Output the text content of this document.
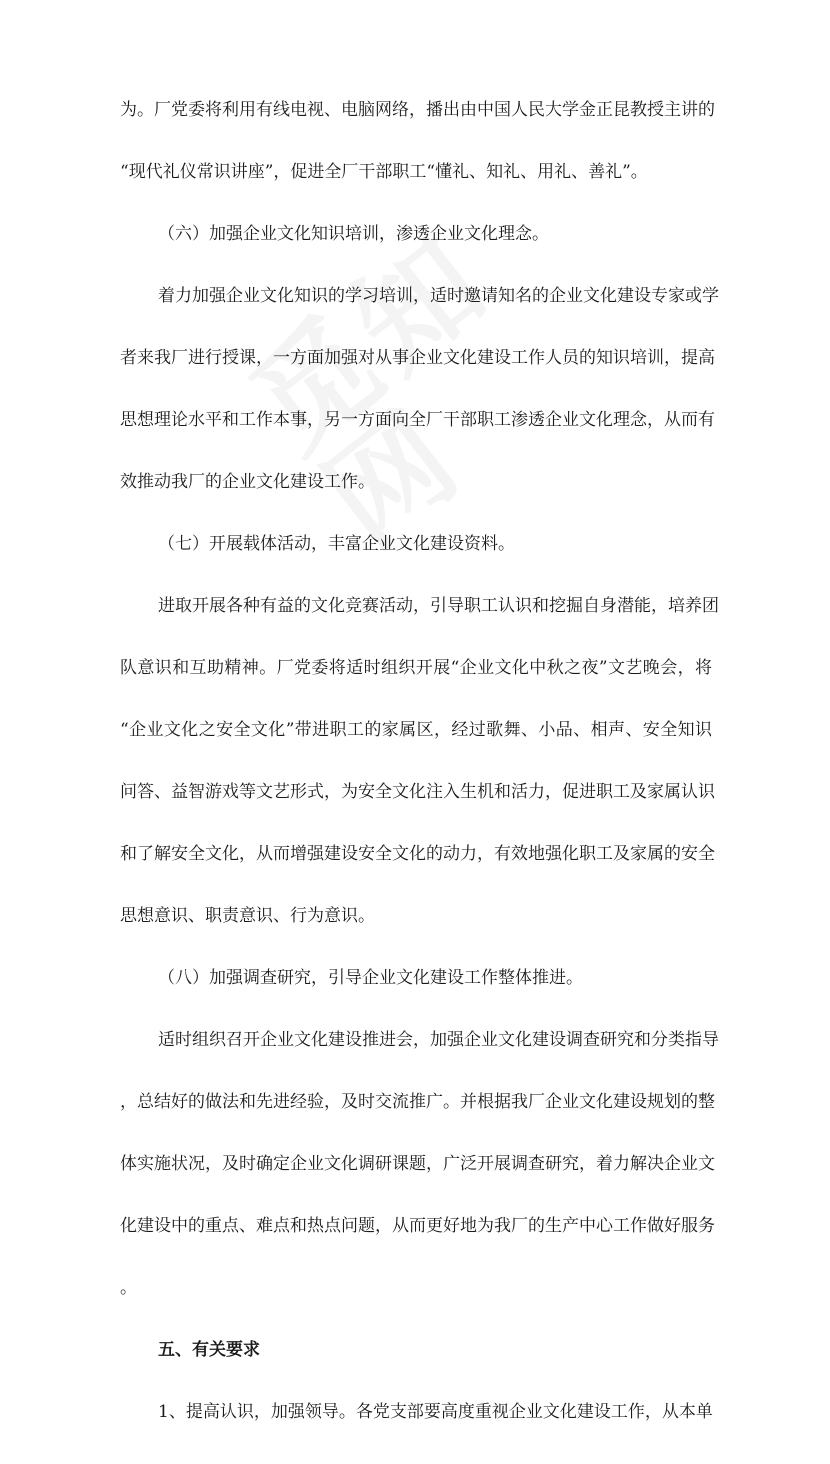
为。厂党委将利用有线电视、电脑网络，播出由中国人民大学金正昆教授主讲的
“现代礼仪常识讲座”，促进全厂干部职工“懂礼、知礼、用礼、善礼”。
（六）加强企业文化知识培训，渗透企业文化理念。
着力加强企业文化知识的学习培训，适时邀请知名的企业文化建设专家或学
者来我厂进行授课，一方面加强对从事企业文化建设工作人员的知识培训，提高
思想理论水平和工作本事，另一方面向全厂干部职工渗透企业文化理念，从而有
效推动我厂的企业文化建设工作。
（七）开展载体活动，丰富企业文化建设资料。
进取开展各种有益的文化竞赛活动，引导职工认识和挖掘自身潜能，培养团
队意识和互助精神。厂党委将适时组织开展“企业文化中秋之夜”文艺晚会，将
“企业文化之安全文化”带进职工的家属区，经过歌舞、小品、相声、安全知识
问答、益智游戏等文艺形式，为安全文化注入生机和活力，促进职工及家属认识
和了解安全文化，从而增强建设安全文化的动力，有效地强化职工及家属的安全
思想意识、职责意识、行为意识。
（八）加强调查研究，引导企业文化建设工作整体推进。
适时组织召开企业文化建设推进会，加强企业文化建设调查研究和分类指导
，总结好的做法和先进经验，及时交流推广。并根据我厂企业文化建设规划的整
体实施状况，及时确定企业文化调研课题，广泛开展调查研究，着力解决企业文
化建设中的重点、难点和热点问题，从而更好地为我厂的生产中心工作做好服务
。
五、有关要求
1、提高认识，加强领导。各党支部要高度重视企业文化建设工作，从本单
